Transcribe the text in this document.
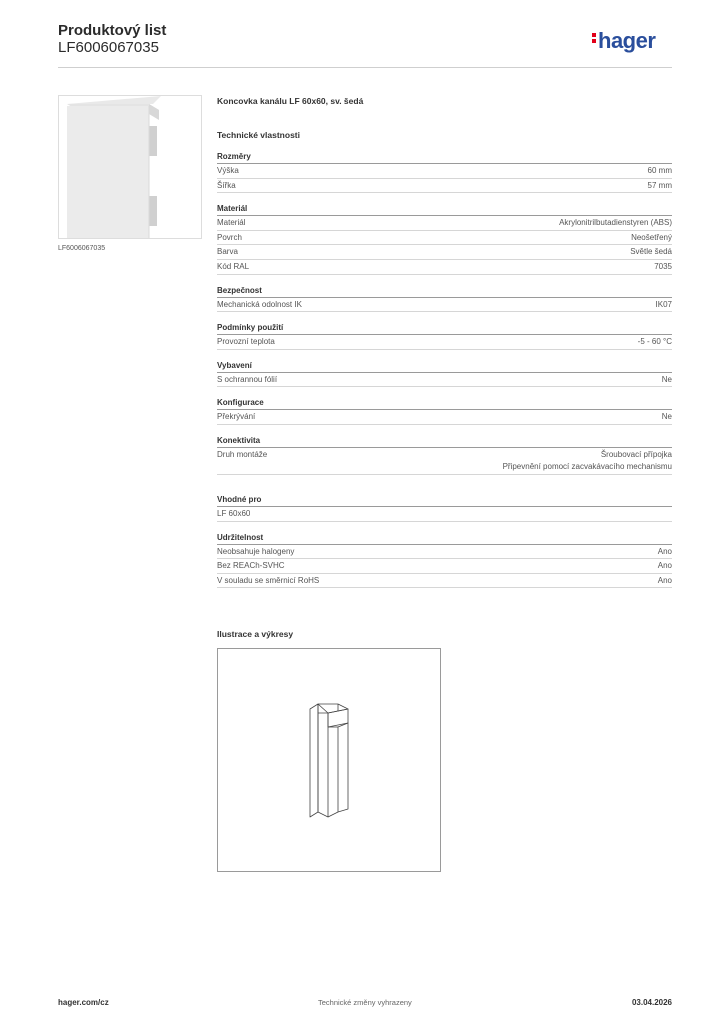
Produktový list
LF6006067035	hager
LF6006067035
Koncovka kanálu LF 60x60, sv. šedá
Technické vlastnosti
Rozměry
Výška	60 mm
Šířka	57 mm
Materiál
Materiál	Akrylonitrilbutadienstyren (ABS)
Povrch	Neošetřený
Barva	Světle šedá
Kód RAL	7035
Bezpečnost
Mechanická odolnost IK	IK07
Podmínky použití
Provozní teplota	-5 - 60 °C
Vybavení
S ochrannou fólií	Ne
Konfigurace
Překrývání	Ne
Konektivita
Druh montáže	Šroubovací přípojka
Připevnění pomocí zacvakávacího mechanismu
Vhodné pro
LF 60x60
Udržitelnost
Neobsahuje halogeny	Ano
Bez REACh-SVHC	Ano
V souladu se směrnicí RoHS	Ano
Ilustrace a výkresy
hager.com/cz	Technické změny vyhrazeny	03.04.2026
